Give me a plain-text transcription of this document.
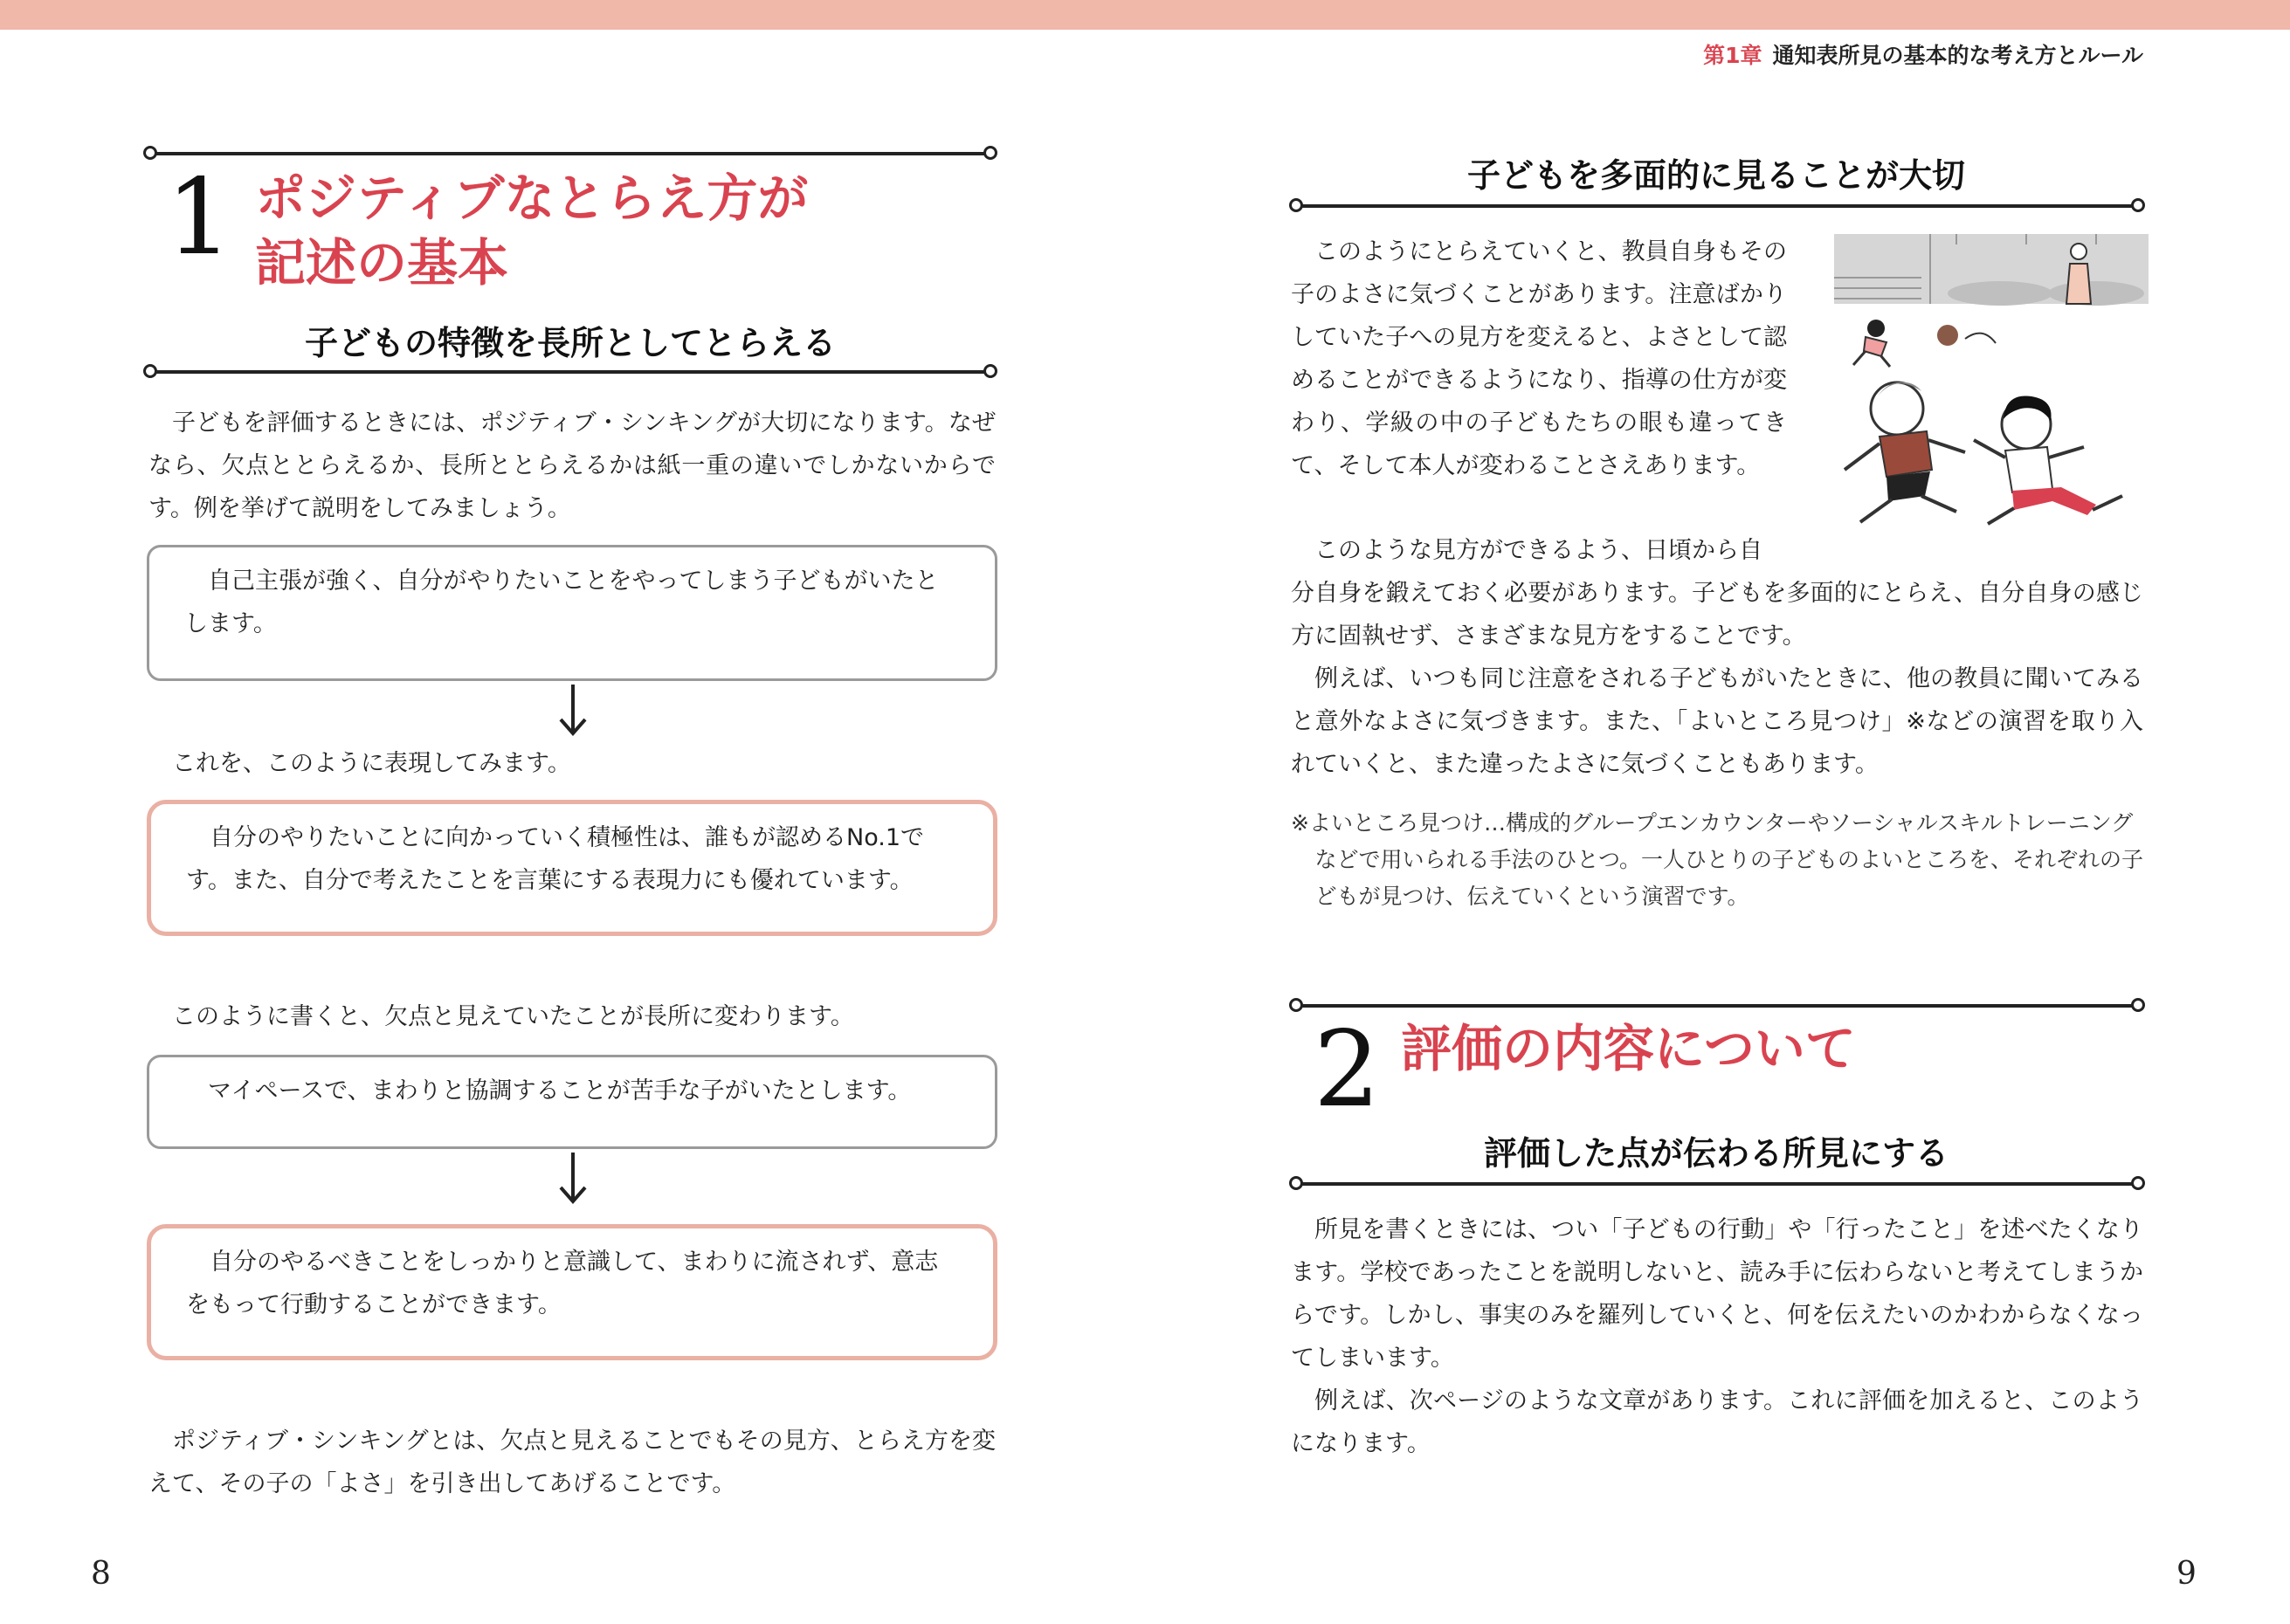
第1章 通知表所見の基本的な考え方とルール
1 ポジティブなとらえ方が
記述の基本
子どもの特徴を長所としてとらえる

子どもを評価するときには、ポジティブ・シンキングが大切になります。なぜなら、欠点ととらえるか、長所ととらえるかは紙一重の違いでしかないからです。例を挙げて説明をしてみましょう。

自己主張が強く、自分がやりたいことをやってしまう子どもがいたとします。

これを、このように表現してみます。

自分のやりたいことに向かっていく積極性は、誰もが認めるNo.1です。また、自分で考えたことを言葉にする表現力にも優れています。

このように書くと、欠点と見えていたことが長所に変わります。

マイペースで、まわりと協調することが苦手な子がいたとします。

自分のやるべきことをしっかりと意識して、まわりに流されず、意志をもって行動することができます。

ポジティブ・シンキングとは、欠点と見えることでもその見方、とらえ方を変えて、その子の「よさ」を引き出してあげることです。

8
子どもを多面的に見ることが大切

このようにとらえていくと、教員自身もその子のよさに気づくことがあります。注意ばかりしていた子への見方を変えると、よさとして認めることができるようになり、指導の仕方が変わり、学級の中の子どもたちの眼も違ってきて、そして本人が変わることさえあります。

このような見方ができるよう、日頃から自

分自身を鍛えておく必要があります。子どもを多面的にとらえ、自分自身の感じ方に固執せず、さまざまな見方をすることです。

例えば、いつも同じ注意をされる子どもがいたときに、他の教員に聞いてみると意外なよさに気づきます。また、「よいところ見つけ」※などの演習を取り入れていくと、また違ったよさに気づくこともあります。

※よいところ見つけ…構成的グループエンカウンターやソーシャルスキルトレーニングなどで用いられる手法のひとつ。一人ひとりの子どものよいところを、それぞれの子どもが見つけ、伝えていくという演習です。

2 評価の内容について
評価した点が伝わる所見にする

所見を書くときには、つい「子どもの行動」や「行ったこと」を述べたくなります。学校であったことを説明しないと、読み手に伝わらないと考えてしまうからです。しかし、事実のみを羅列していくと、何を伝えたいのかわからなくなってしまいます。

例えば、次ページのような文章があります。これに評価を加えると、このようになります。

9
